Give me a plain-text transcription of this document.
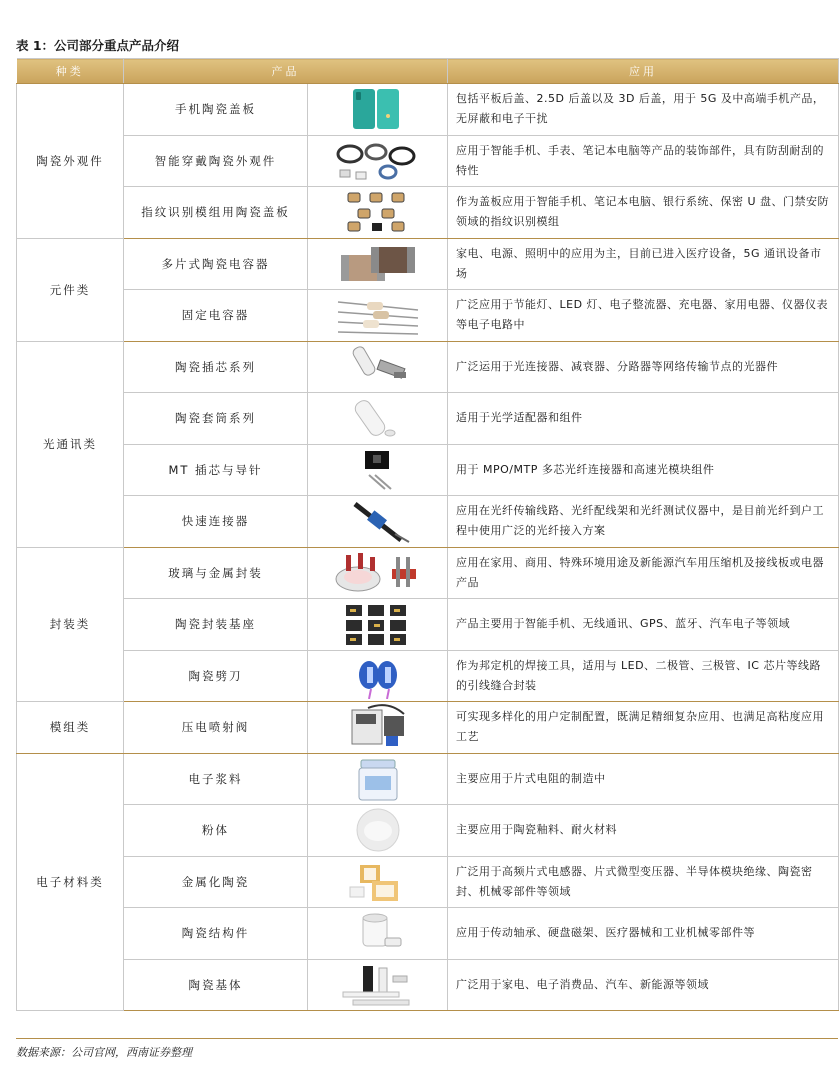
表 1：公司部分重点产品介绍
种类	产品		应用
陶瓷外观件	手机陶瓷盖板		包括平板后盖、2.5D 后盖以及 3D 后盖，用于 5G 及中高端手机产品，无屏蔽和电子干扰
	智能穿戴陶瓷外观件		应用于智能手机、手表、笔记本电脑等产品的装饰部件，具有防刮耐刮的特性
	指纹识别模组用陶瓷盖板		作为盖板应用于智能手机、笔记本电脑、银行系统、保密 U 盘、门禁安防领域的指纹识别模组
元件类	多片式陶瓷电容器		家电、电源、照明中的应用为主，目前已进入医疗设备，5G 通讯设备市场
	固定电容器		广泛应用于节能灯、LED 灯、电子整流器、充电器、家用电器、仪器仪表等电子电路中
光通讯类	陶瓷插芯系列		广泛运用于光连接器、减衰器、分路器等网络传输节点的光器件
	陶瓷套筒系列		适用于光学适配器和组件
	MT 插芯与导针		用于 MPO/MTP 多芯光纤连接器和高速光模块组件
	快速连接器		应用在光纤传输线路、光纤配线架和光纤测试仪器中，是目前光纤到户工程中使用广泛的光纤接入方案
封装类	玻璃与金属封装		应用在家用、商用、特殊环境用途及新能源汽车用压缩机及接线板或电器产品
	陶瓷封装基座		产品主要用于智能手机、无线通讯、GPS、蓝牙、汽车电子等领域
	陶瓷劈刀		作为邦定机的焊接工具，适用与 LED、二极管、三极管、IC 芯片等线路的引线缝合封装
模组类	压电喷射阀		可实现多样化的用户定制配置，既满足精细复杂应用、也满足高粘度应用工艺
电子材料类	电子浆料		主要应用于片式电阻的制造中
	粉体		主要应用于陶瓷釉料、耐火材料
	金属化陶瓷		广泛用于高频片式电感器、片式微型变压器、半导体模块绝缘、陶瓷密封、机械零部件等领域
	陶瓷结构件		应用于传动轴承、硬盘磁架、医疗器械和工业机械零部件等
	陶瓷基体		广泛用于家电、电子消费品、汽车、新能源等领域
数据来源：公司官网，西南证券整理
